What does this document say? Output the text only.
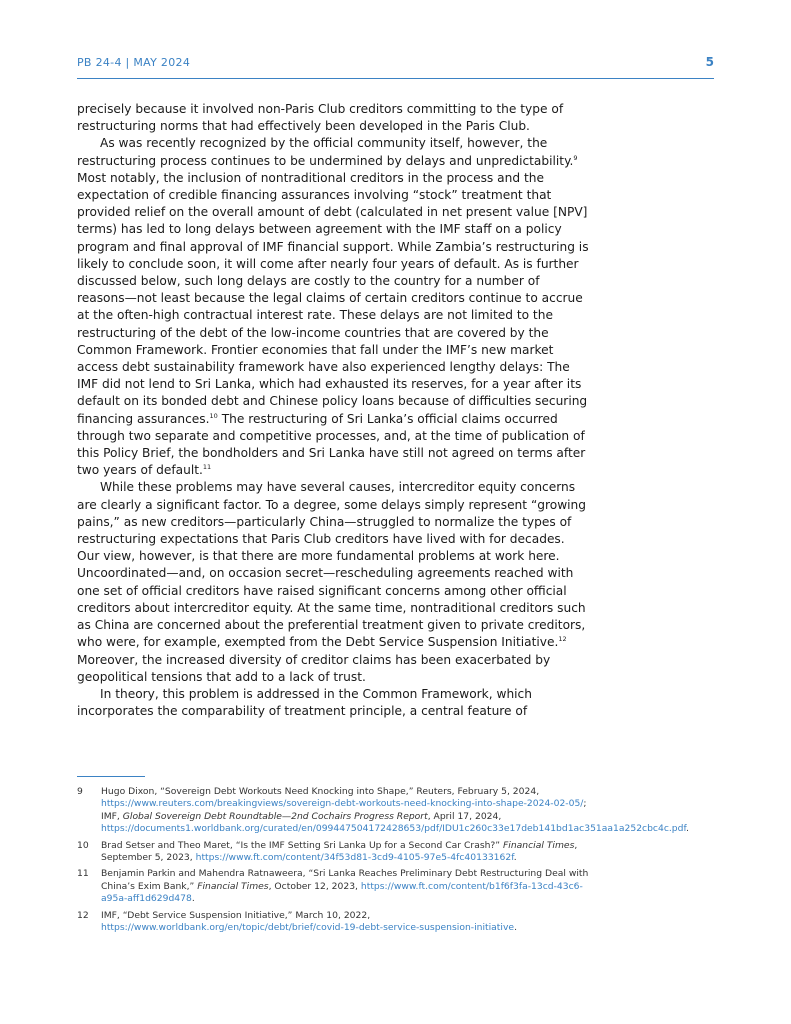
PB 24-4 | MAY 2024	5

precisely because it involved non-Paris Club creditors committing to the type of restructuring norms that had effectively been developed in the Paris Club.

As was recently recognized by the official community itself, however, the restructuring process continues to be undermined by delays and unpredictability.$^9$ Most notably, the inclusion of nontraditional creditors in the process and the expectation of credible financing assurances involving “stock” treatment that provided relief on the overall amount of debt (calculated in net present value [NPV] terms) has led to long delays between agreement with the IMF staff on a policy program and final approval of IMF financial support. While Zambia’s restructuring is likely to conclude soon, it will come after nearly four years of default. As is further discussed below, such long delays are costly to the country for a number of reasons—not least because the legal claims of certain creditors continue to accrue at the often-high contractual interest rate. These delays are not limited to the restructuring of the debt of the low-income countries that are covered by the Common Framework. Frontier economies that fall under the IMF’s new market access debt sustainability framework have also experienced lengthy delays: The IMF did not lend to Sri Lanka, which had exhausted its reserves, for a year after its default on its bonded debt and Chinese policy loans because of difficulties securing financing assurances.$^{10}$ The restructuring of Sri Lanka’s official claims occurred through two separate and competitive processes, and, at the time of publication of this Policy Brief, the bondholders and Sri Lanka have still not agreed on terms after two years of default.$^{11}$

While these problems may have several causes, intercreditor equity concerns are clearly a significant factor. To a degree, some delays simply represent “growing pains,” as new creditors—particularly China—struggled to normalize the types of restructuring expectations that Paris Club creditors have lived with for decades. Our view, however, is that there are more fundamental problems at work here. Uncoordinated—and, on occasion secret—rescheduling agreements reached with one set of official creditors have raised significant concerns among other official creditors about intercreditor equity. At the same time, nontraditional creditors such as China are concerned about the preferential treatment given to private creditors, who were, for example, exempted from the Debt Service Suspension Initiative.$^{12}$ Moreover, the increased diversity of creditor claims has been exacerbated by geopolitical tensions that add to a lack of trust.

In theory, this problem is addressed in the Common Framework, which incorporates the comparability of treatment principle, a central feature of

9 Hugo Dixon, “Sovereign Debt Workouts Need Knocking into Shape,” Reuters, February 5, 2024, https://www.reuters.com/breakingviews/sovereign-debt-workouts-need-knocking-into-shape-2024-02-05/; IMF, Global Sovereign Debt Roundtable—2nd Cochairs Progress Report, April 17, 2024, https://documents1.worldbank.org/curated/en/099447504172428653/pdf/IDU1c260c33e17deb141bd1ac351aa1a252cbc4c.pdf.
10 Brad Setser and Theo Maret, “Is the IMF Setting Sri Lanka Up for a Second Car Crash?” Financial Times, September 5, 2023, https://www.ft.com/content/34f53d81-3cd9-4105-97e5-4fc40133162f.
11 Benjamin Parkin and Mahendra Ratnaweera, “Sri Lanka Reaches Preliminary Debt Restructuring Deal with China’s Exim Bank,” Financial Times, October 12, 2023, https://www.ft.com/content/b1f6f3fa-13cd-43c6-a95a-aff1d629d478.
12 IMF, “Debt Service Suspension Initiative,” March 10, 2022, https://www.worldbank.org/en/topic/debt/brief/covid-19-debt-service-suspension-initiative.
